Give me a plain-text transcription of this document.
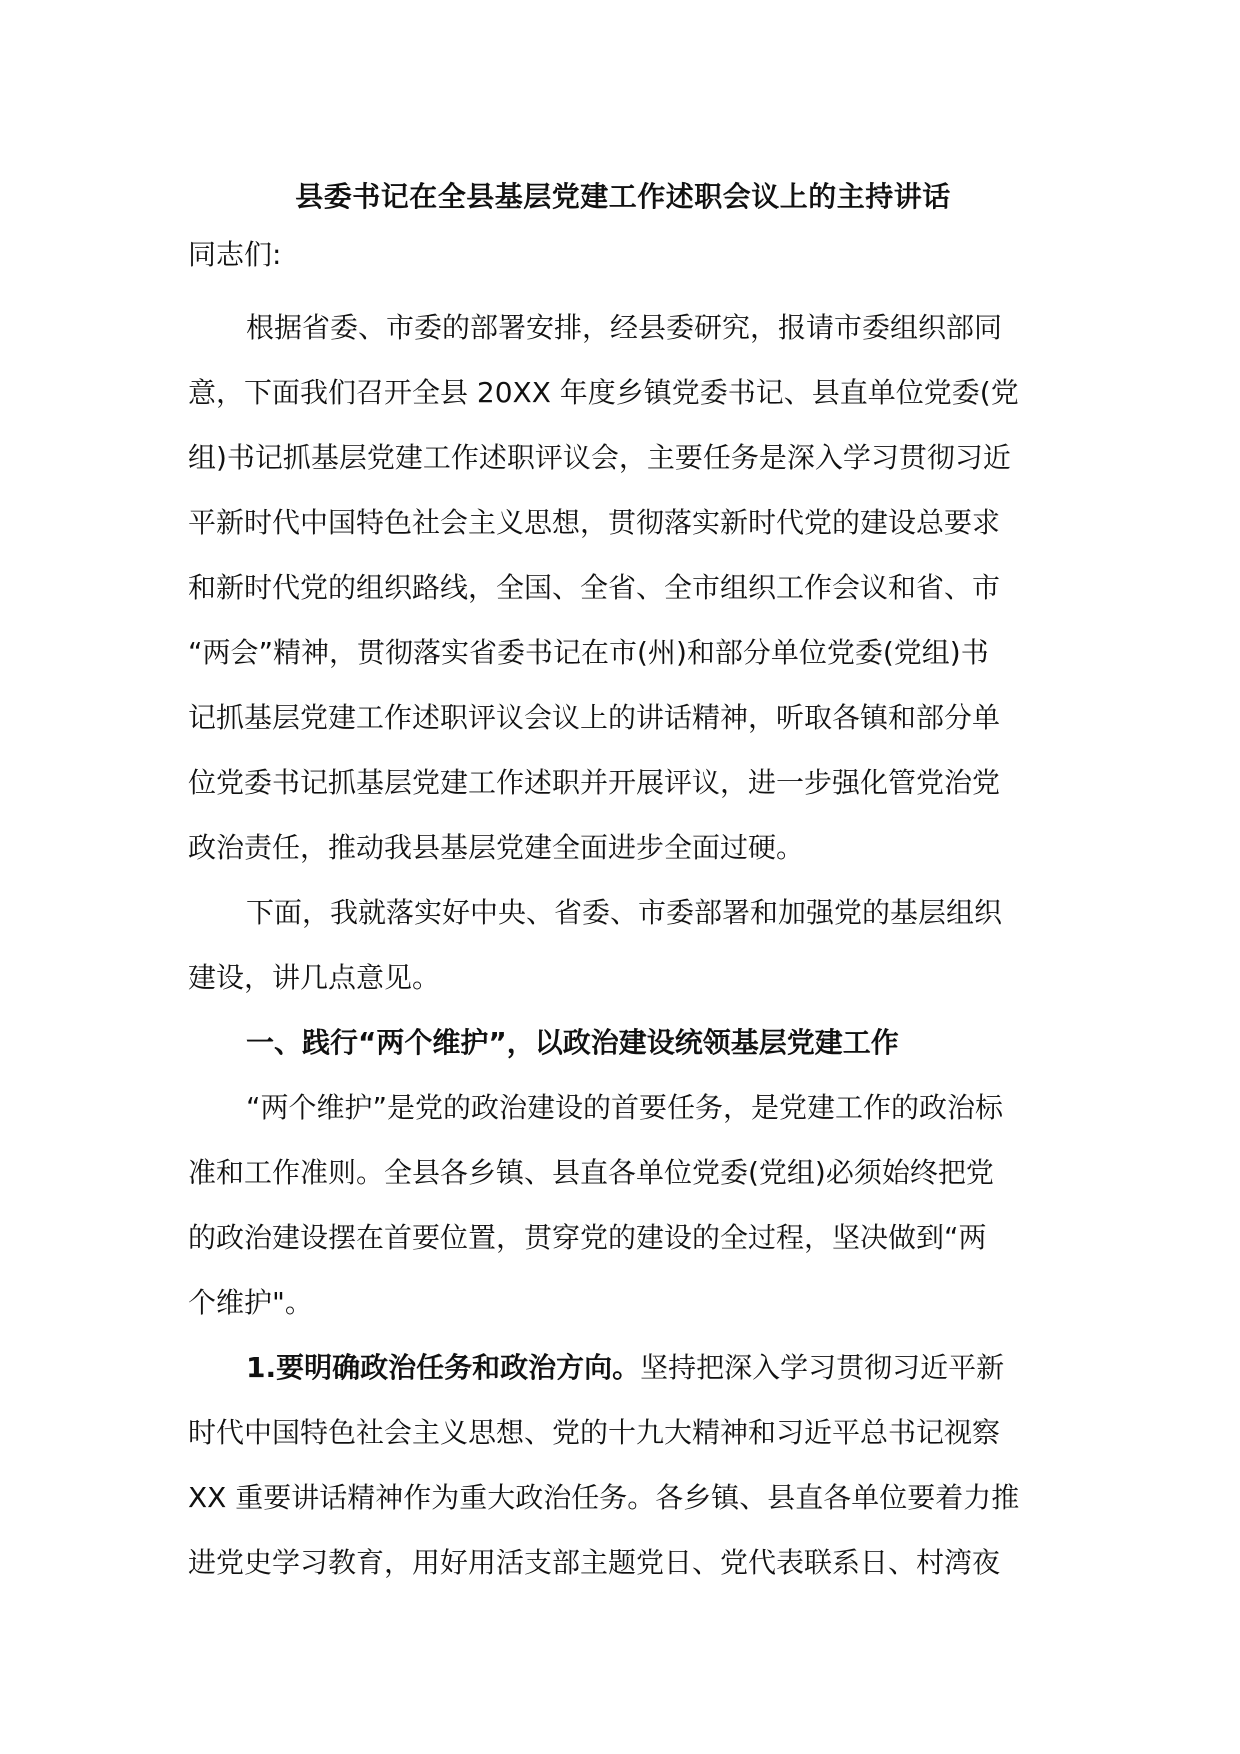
县委书记在全县基层党建工作述职会议上的主持讲话
同志们:
根据省委、市委的部署安排，经县委研究，报请市委组织部同
意，下面我们召开全县 20XX 年度乡镇党委书记、县直单位党委(党
组)书记抓基层党建工作述职评议会，主要任务是深入学习贯彻习近
平新时代中国特色社会主义思想，贯彻落实新时代党的建设总要求
和新时代党的组织路线，全国、全省、全市组织工作会议和省、市
“两会”精神，贯彻落实省委书记在市(州)和部分单位党委(党组)书
记抓基层党建工作述职评议会议上的讲话精神，听取各镇和部分单
位党委书记抓基层党建工作述职并开展评议，进一步强化管党治党
政治责任，推动我县基层党建全面进步全面过硬。
下面，我就落实好中央、省委、市委部署和加强党的基层组织
建设，讲几点意见。
一、践行“两个维护”，以政治建设统领基层党建工作
“两个维护”是党的政治建设的首要任务，是党建工作的政治标
准和工作准则。全县各乡镇、县直各单位党委(党组)必须始终把党
的政治建设摆在首要位置，贯穿党的建设的全过程，坚决做到“两
个维护"。
1.要明确政治任务和政治方向。坚持把深入学习贯彻习近平新
时代中国特色社会主义思想、党的十九大精神和习近平总书记视察
XX 重要讲话精神作为重大政治任务。各乡镇、县直各单位要着力推
进党史学习教育，用好用活支部主题党日、党代表联系日、村湾夜
